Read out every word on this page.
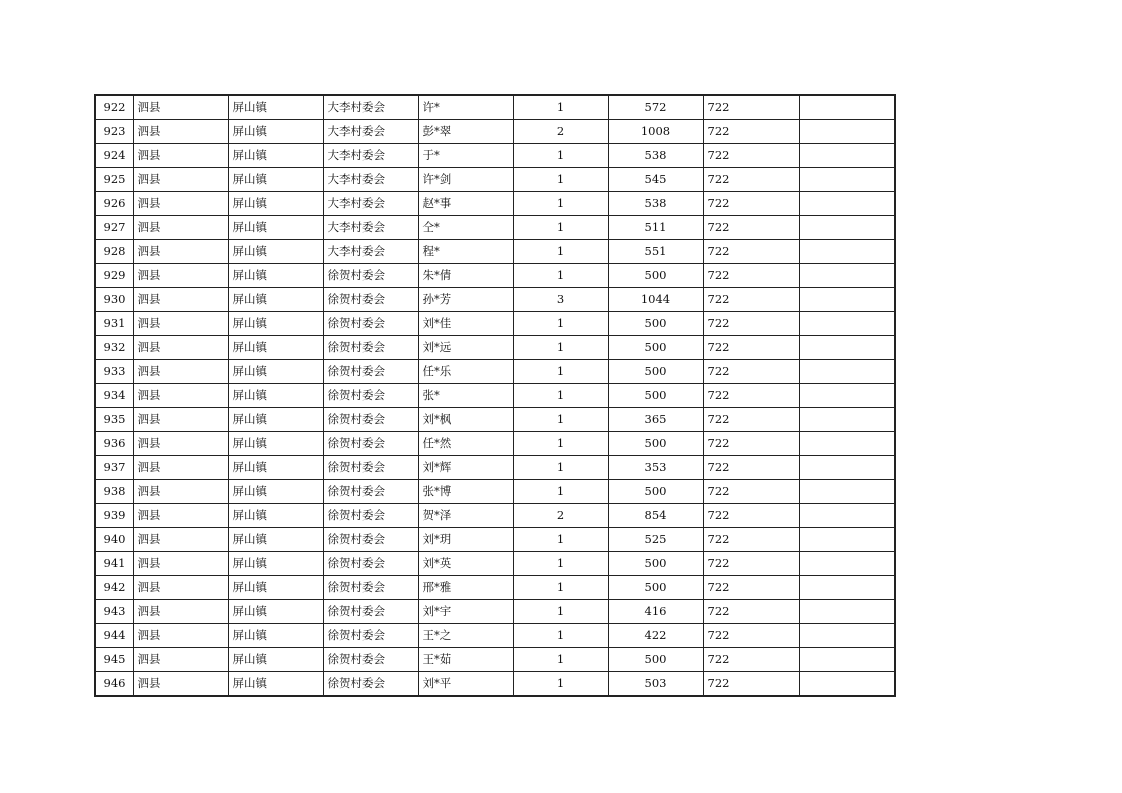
922	泗县	屏山镇	大李村委会	许*	1	572	722	
923	泗县	屏山镇	大李村委会	彭*翠	2	1008	722	
924	泗县	屏山镇	大李村委会	于*	1	538	722	
925	泗县	屏山镇	大李村委会	许*剑	1	545	722	
926	泗县	屏山镇	大李村委会	赵*事	1	538	722	
927	泗县	屏山镇	大李村委会	仝*	1	511	722	
928	泗县	屏山镇	大李村委会	程*	1	551	722	
929	泗县	屏山镇	徐贺村委会	朱*倩	1	500	722	
930	泗县	屏山镇	徐贺村委会	孙*芳	3	1044	722	
931	泗县	屏山镇	徐贺村委会	刘*佳	1	500	722	
932	泗县	屏山镇	徐贺村委会	刘*远	1	500	722	
933	泗县	屏山镇	徐贺村委会	任*乐	1	500	722	
934	泗县	屏山镇	徐贺村委会	张*	1	500	722	
935	泗县	屏山镇	徐贺村委会	刘*枫	1	365	722	
936	泗县	屏山镇	徐贺村委会	任*然	1	500	722	
937	泗县	屏山镇	徐贺村委会	刘*辉	1	353	722	
938	泗县	屏山镇	徐贺村委会	张*博	1	500	722	
939	泗县	屏山镇	徐贺村委会	贺*泽	2	854	722	
940	泗县	屏山镇	徐贺村委会	刘*玥	1	525	722	
941	泗县	屏山镇	徐贺村委会	刘*英	1	500	722	
942	泗县	屏山镇	徐贺村委会	邢*雅	1	500	722	
943	泗县	屏山镇	徐贺村委会	刘*宇	1	416	722	
944	泗县	屏山镇	徐贺村委会	王*之	1	422	722	
945	泗县	屏山镇	徐贺村委会	王*茹	1	500	722	
946	泗县	屏山镇	徐贺村委会	刘*平	1	503	722	
